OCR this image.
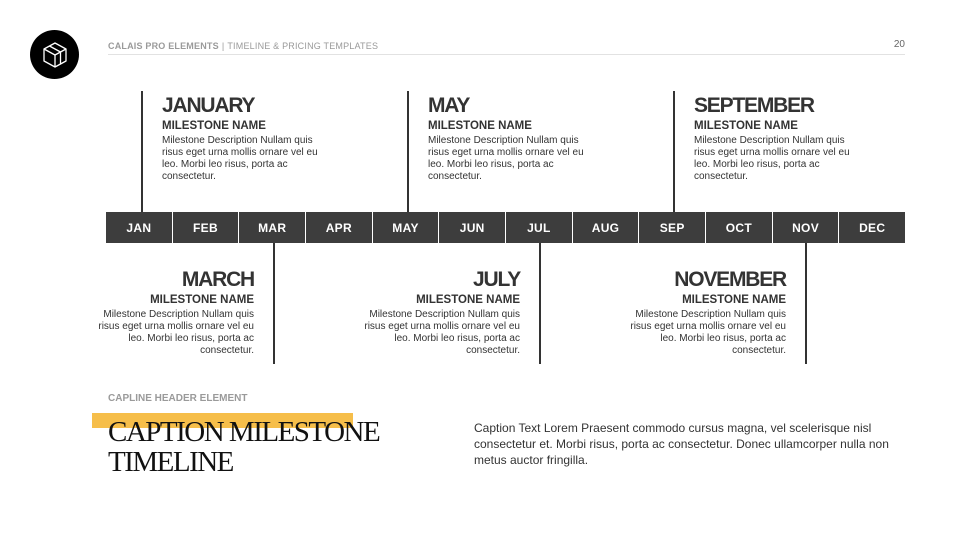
CALAIS PRO ELEMENTS | TIMELINE & PRICING TEMPLATES	20
JAN	FEB	MAR	APR	MAY	JUN	JUL	AUG	SEP	OCT	NOV	DEC
JANUARY
MILESTONE NAME
Milestone Description Nullam quis risus eget urna mollis ornare vel eu leo. Morbi leo risus, porta ac consectetur.
MAY
MILESTONE NAME
Milestone Description Nullam quis risus eget urna mollis ornare vel eu leo. Morbi leo risus, porta ac consectetur.
SEPTEMBER
MILESTONE NAME
Milestone Description Nullam quis risus eget urna mollis ornare vel eu leo. Morbi leo risus, porta ac consectetur.
MARCH
MILESTONE NAME
Milestone Description Nullam quis risus eget urna mollis ornare vel eu leo. Morbi leo risus, porta ac consectetur.
JULY
MILESTONE NAME
Milestone Description Nullam quis risus eget urna mollis ornare vel eu leo. Morbi leo risus, porta ac consectetur.
NOVEMBER
MILESTONE NAME
Milestone Description Nullam quis risus eget urna mollis ornare vel eu leo. Morbi leo risus, porta ac consectetur.
CAPLINE HEADER ELEMENT
CAPTION MILESTONE
TIMELINE
Caption Text Lorem Praesent commodo cursus magna, vel scelerisque nisl consectetur et. Morbi risus, porta ac consectetur. Donec ullamcorper nulla non metus auctor fringilla.
